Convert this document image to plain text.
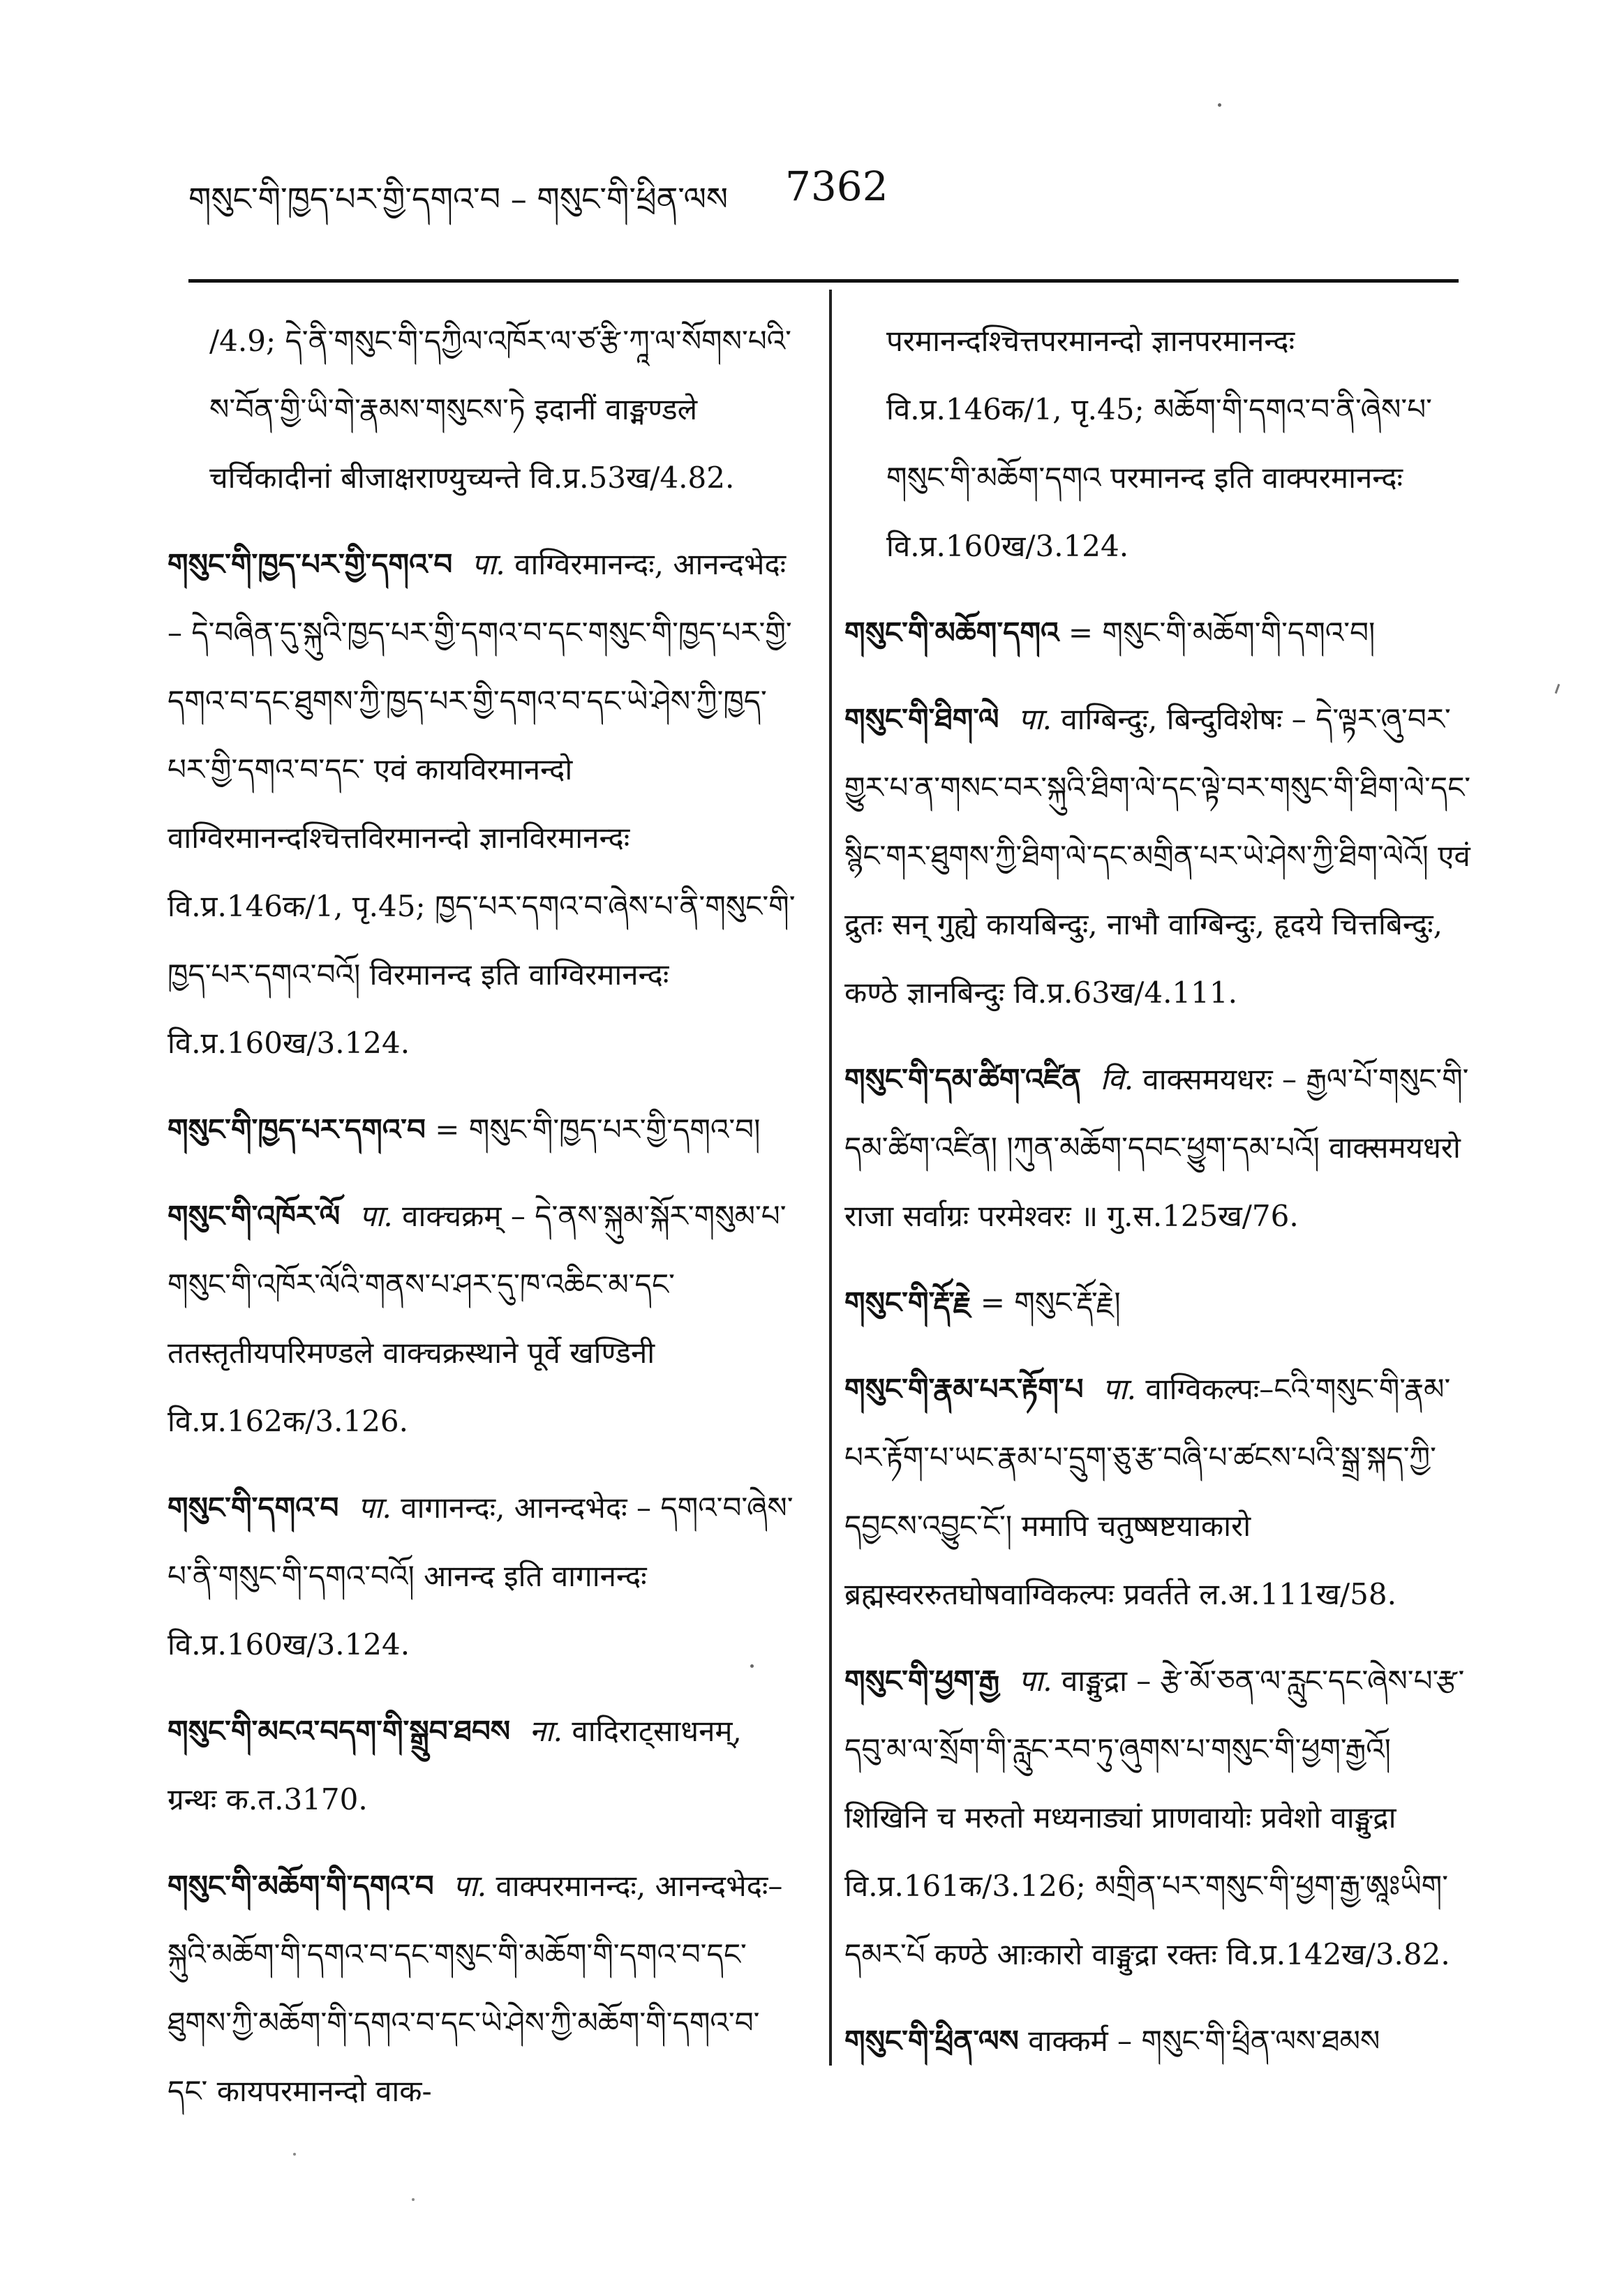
གསུང་གི་ཁྱད་པར་གྱི་དགའ་བ – གསུང་གི་ཕྲིན་ལས 7362
/4.9; དེ་ནི་གསུང་གི་དཀྱིལ་འཁོར་ལ་ཙ་རྩི་ཀཱ་ལ་སོགས་པའི་ས་བོན་གྱི་ཡི་གེ་རྣམས་གསུངས་ཏེ इदानीं वाङ्मण्डले चर्चिकादीनां बीजाक्षराण्युच्यन्ते वि.प्र.53ख/4.82.
གསུང་གི་ཁྱད་པར་གྱི་དགའ་བ पा. वाग्विरमानन्दः, आनन्दभेदः – དེ་བཞིན་དུ་སྐུའི་ཁྱད་པར་གྱི་དགའ་བ་དང་གསུང་གི་ཁྱད་པར་གྱི་དགའ་བ་དང་ཐུགས་ཀྱི་ཁྱད་པར་གྱི་དགའ་བ་དང་ཡེ་ཤེས་ཀྱི་ཁྱད་པར་གྱི་དགའ་བ་དང་ एवं कायविरमानन्दो वाग्विरमानन्दश्चित्तविरमानन्दो ज्ञानविरमानन्दः वि.प्र.146क/1, पृ.45; ཁྱད་པར་དགའ་བ་ཞེས་པ་ནི་གསུང་གི་ཁྱད་པར་དགའ་བའོ། विरमानन्द इति वाग्विरमानन्दः वि.प्र.160ख/3.124.
གསུང་གི་ཁྱད་པར་དགའ་བ = གསུང་གི་ཁྱད་པར་གྱི་དགའ་བ།
གསུང་གི་འཁོར་ལོ पा. वाक्चक्रम् – དེ་ནས་སྐུམ་སྐོར་གསུམ་པ་གསུང་གི་འཁོར་ལོའི་གནས་པ་ཤར་དུ་ཁ་འཆིང་མ་དང་ ततस्तृतीयपरिमण्डले वाक्चक्रस्थाने पूर्वे खण्डिनी वि.प्र.162क/3.126.
གསུང་གི་དགའ་བ पा. वागानन्दः, आनन्दभेदः – དགའ་བ་ཞེས་པ་ནི་གསུང་གི་དགའ་བའོ། आनन्द इति वागानन्दः वि.प्र.160ख/3.124.
གསུང་གི་མངའ་བདག་གི་སྒྲུབ་ཐབས ना. वादिराट्साधनम्, ग्रन्थः क.त.3170.
གསུང་གི་མཆོག་གི་དགའ་བ पा. वाक्परमानन्दः, आनन्दभेदः–སྐུའི་མཆོག་གི་དགའ་བ་དང་གསུང་གི་མཆོག་གི་དགའ་བ་དང་ཐུགས་ཀྱི་མཆོག་གི་དགའ་བ་དང་ཡེ་ཤེས་ཀྱི་མཆོག་གི་དགའ་བ་དང་ कायपरमानन्दो वाक-
परमानन्दश्चित्तपरमानन्दो ज्ञानपरमानन्दः वि.प्र.146क/1, पृ.45; མཆོག་གི་དགའ་བ་ནི་ཞེས་པ་གསུང་གི་མཆོག་དགའ परमानन्द इति वाक्परमानन्दः वि.प्र.160ख/3.124.
གསུང་གི་མཆོག་དགའ = གསུང་གི་མཆོག་གི་དགའ་བ།
གསུང་གི་ཐིག་ལེ पा. वाग्बिन्दुः, बिन्दुविशेषः – དེ་ལྟར་ཞུ་བར་གྱུར་པ་ན་གསང་བར་སྐུའི་ཐིག་ལེ་དང་ལྟེ་བར་གསུང་གི་ཐིག་ལེ་དང་སྙིང་གར་ཐུགས་ཀྱི་ཐིག་ལེ་དང་མགྲིན་པར་ཡེ་ཤེས་ཀྱི་ཐིག་ལེའོ། एवं द्रुतः सन् गुह्ये कायबिन्दुः, नाभौ वाग्बिन्दुः, हृदये चित्तबिन्दुः, कण्ठे ज्ञानबिन्दुः वि.प्र.63ख/4.111.
གསུང་གི་དམ་ཚིག་འཛིན वि. वाक्समयधरः – རྒྱལ་པོ་གསུང་གི་དམ་ཚིག་འཛིན། །ཀུན་མཆོག་དབང་ཕྱུག་དམ་པའོ། वाक्समयधरो राजा सर्वाग्रः परमेश्वरः ॥ गु.स.125ख/76.
གསུང་གི་རྡོ་རྗེ = གསུང་རྡོ་རྗེ།
གསུང་གི་རྣམ་པར་རྟོག་པ पा. वाग्विकल्पः–ངའི་གསུང་གི་རྣམ་པར་རྟོག་པ་ཡང་རྣམ་པ་དྲུག་ཅུ་རྩ་བཞི་པ་ཚངས་པའི་སྒྲ་སྐད་ཀྱི་དབྱངས་འབྱུང་ངོ་། ममापि चतुष्षष्टयाकारो ब्रह्मस्वररुतघोषवाग्विकल्पः प्रवर्तते ल.अ.111ख/58.
གསུང་གི་ཕྱག་རྒྱ पा. वाङ्मुद्रा – རྩེ་མོ་ཅན་ལ་རླུང་དང་ཞེས་པ་རྩ་དབུ་མ་ལ་སྲོག་གི་རླུང་རབ་ཏུ་ཞུགས་པ་གསུང་གི་ཕྱག་རྒྱའོ། शिखिनि च मरुतो मध्यनाड्यां प्राणवायोः प्रवेशो वाङ्मुद्रा वि.प्र.161क/3.126; མགྲིན་པར་གསུང་གི་ཕྱག་རྒྱ་ཨཱཿཡིག་དམར་པོ कण्ठे आःकारो वाङ्मुद्रा रक्तः वि.प्र.142ख/3.82.
གསུང་གི་ཕྲིན་ལས वाक्कर्म – གསུང་གི་ཕྲིན་ལས་ཐམས
